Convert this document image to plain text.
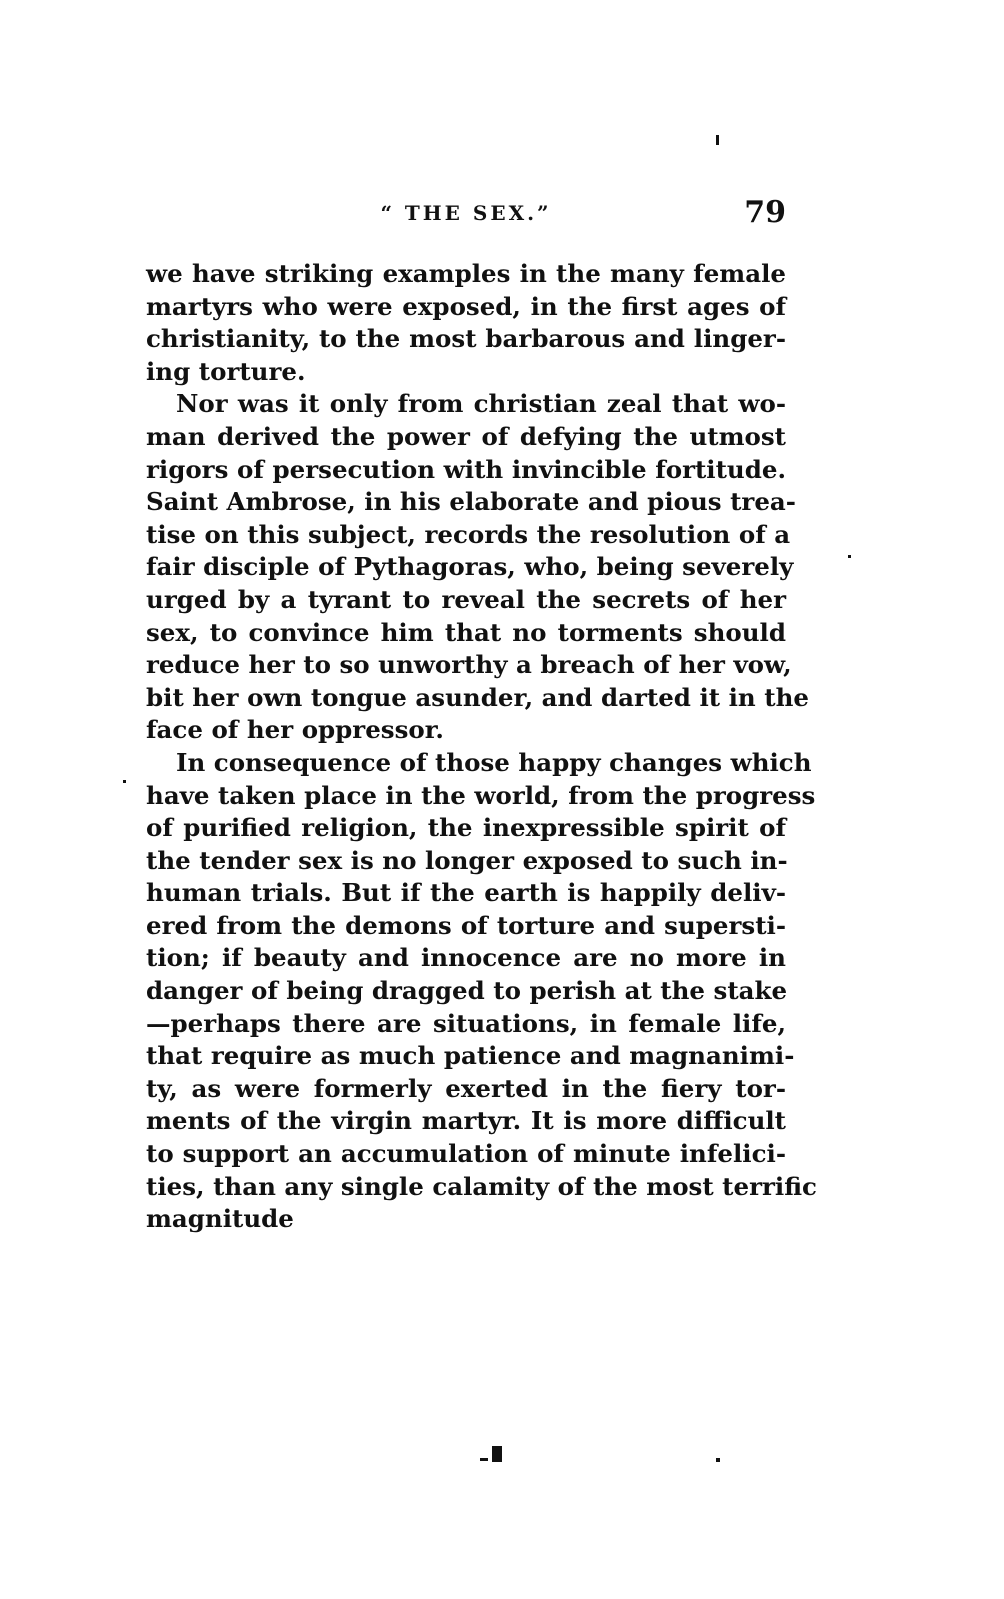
“ THE SEX.”	79
we have striking examples in the many female
martyrs who were exposed, in the first ages of
christianity, to the most barbarous and linger-
ing torture.
Nor was it only from christian zeal that wo-
man derived the power of defying the utmost
rigors of persecution with invincible fortitude.
Saint Ambrose, in his elaborate and pious trea-
tise on this subject, records the resolution of a
fair disciple of Pythagoras, who, being severely
urged by a tyrant to reveal the secrets of her
sex, to convince him that no torments should
reduce her to so unworthy a breach of her vow,
bit her own tongue asunder, and darted it in the
face of her oppressor.
In consequence of those happy changes which
have taken place in the world, from the progress
of purified religion, the inexpressible spirit of
the tender sex is no longer exposed to such in-
human trials. But if the earth is happily deliv-
ered from the demons of torture and supersti-
tion; if beauty and innocence are no more in
danger of being dragged to perish at the stake
—perhaps there are situations, in female life,
that require as much patience and magnanimi-
ty, as were formerly exerted in the fiery tor-
ments of the virgin martyr. It is more difficult
to support an accumulation of minute infelici-
ties, than any single calamity of the most terrific
magnitude
